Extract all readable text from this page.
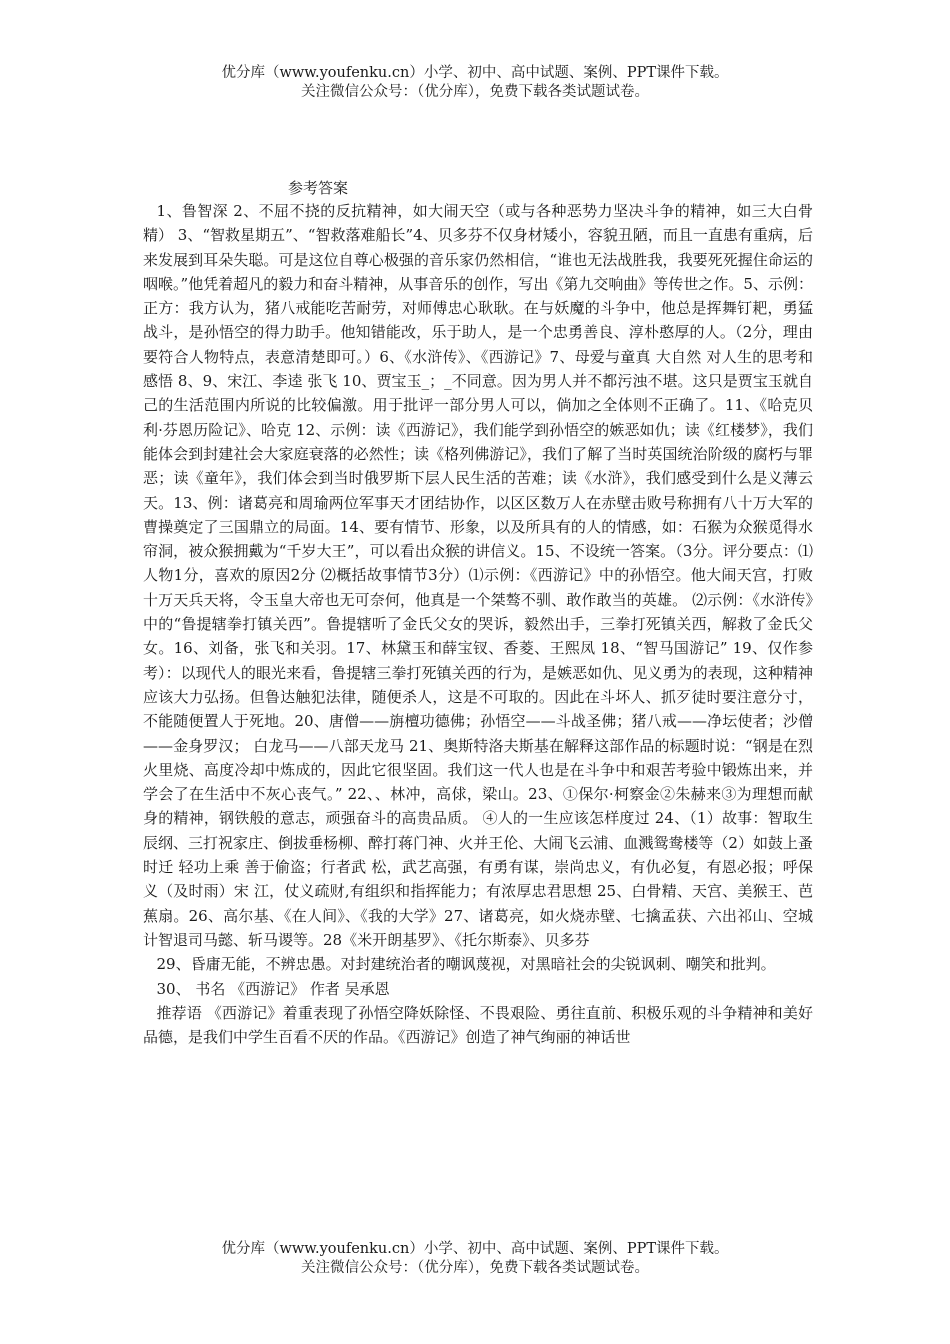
优分库（www.youfenku.cn）小学、初中、高中试题、案例、PPT课件下载。
关注微信公众号：（优分库），免费下载各类试题试卷。
参考答案

1、鲁智深 2、不屈不挠的反抗精神，如大闹天空（或与各种恶势力坚决斗争的精神，如三大白骨精） 3、“智救星期五”、“智救落难船长”4、贝多芬不仅身材矮小，容貌丑陋，而且一直患有重病，后来发展到耳朵失聪。可是这位自尊心极强的音乐家仍然相信，“谁也无法战胜我，我要死死握住命运的咽喉。”他凭着超凡的毅力和奋斗精神，从事音乐的创作，写出《第九交响曲》等传世之作。5、示例：正方：我方认为，猪八戒能吃苦耐劳，对师傅忠心耿耿。在与妖魔的斗争中，他总是挥舞钉耙，勇猛战斗，是孙悟空的得力助手。他知错能改，乐于助人，是一个忠勇善良、淳朴憨厚的人。（2分，理由要符合人物特点，表意清楚即可。）6、《水浒传》、《西游记》7、母爱与童真 大自然 对人生的思考和感悟 8、9、宋江、李逵 张飞 10、贾宝玉_；_不同意。因为男人并不都污浊不堪。这只是贾宝玉就自己的生活范围内所说的比较偏激。用于批评一部分男人可以，倘加之全体则不正确了。11、《哈克贝利·芬恩历险记》、哈克 12、示例：读《西游记》，我们能学到孙悟空的嫉恶如仇；读《红楼梦》，我们能体会到封建社会大家庭衰落的必然性；读《格列佛游记》，我们了解了当时英国统治阶级的腐朽与罪恶；读《童年》，我们体会到当时俄罗斯下层人民生活的苦难；读《水浒》，我们感受到什么是义薄云天。13、例：诸葛亮和周瑜两位军事天才团结协作，以区区数万人在赤壁击败号称拥有八十万大军的曹操奠定了三国鼎立的局面。14、要有情节、形象，以及所具有的人的情感，如：石猴为众猴觅得水帘洞，被众猴拥戴为“千岁大王”，可以看出众猴的讲信义。15、不设统一答案。（3分。评分要点：⑴人物1分，喜欢的原因2分 ⑵概括故事情节3分）⑴示例：《西游记》中的孙悟空。他大闹天宫，打败十万天兵天将，令玉皇大帝也无可奈何，他真是一个桀骜不驯、敢作敢当的英雄。 ⑵示例：《水浒传》中的“鲁提辖拳打镇关西”。鲁提辖听了金氏父女的哭诉，毅然出手，三拳打死镇关西，解救了金氏父女。16、刘备，张飞和关羽。17、林黛玉和薛宝钗、香菱、王熙凤 18、“智马国游记” 19、仅作参考）：以现代人的眼光来看，鲁提辖三拳打死镇关西的行为，是嫉恶如仇、见义勇为的表现，这种精神应该大力弘扬。但鲁达触犯法律，随便杀人，这是不可取的。因此在斗坏人、抓歹徒时要注意分寸，不能随便置人于死地。20、唐僧——旃檀功德佛；孙悟空——斗战圣佛；猪八戒——净坛使者；沙僧——金身罗汉； 白龙马——八部天龙马 21、奥斯特洛夫斯基在解释这部作品的标题时说：“钢是在烈火里烧、高度冷却中炼成的，因此它很坚固。我们这一代人也是在斗争中和艰苦考验中锻炼出来，并学会了在生活中不灰心丧气。” 22、、林冲，高俅，梁山。23、①保尔·柯察金②朱赫来③为理想而献身的精神，钢铁般的意志，顽强奋斗的高贵品质。 ④人的一生应该怎样度过 24、（1）故事：智取生辰纲、三打祝家庄、倒拔垂杨柳、醉打蒋门神、火并王伦、大闹飞云浦、血溅鸳鸯楼等（2）如鼓上蚤时迁 轻功上乘 善于偷盗；行者武 松，武艺高强，有勇有谋，崇尚忠义，有仇必复，有恩必报；呼保义（及时雨）宋 江，仗义疏财,有组织和指挥能力；有浓厚忠君思想 25、白骨精、天宫、美猴王、芭蕉扇。26、高尔基、《在人间》、《我的大学》27、诸葛亮，如火烧赤壁、七擒孟获、六出祁山、空城计智退司马懿、斩马谡等。28《米开朗基罗》、《托尔斯泰》、贝多芬

29、昏庸无能，不辨忠愚。对封建统治者的嘲讽蔑视，对黑暗社会的尖锐讽刺、嘲笑和批判。

30、 书名 《西游记》 作者 吴承恩

推荐语 《西游记》着重表现了孙悟空降妖除怪、不畏艰险、勇往直前、积极乐观的斗争精神和美好品德，是我们中学生百看不厌的作品。《西游记》创造了神气绚丽的神话世

优分库（www.youfenku.cn）小学、初中、高中试题、案例、PPT课件下载。
关注微信公众号：（优分库），免费下载各类试题试卷。
